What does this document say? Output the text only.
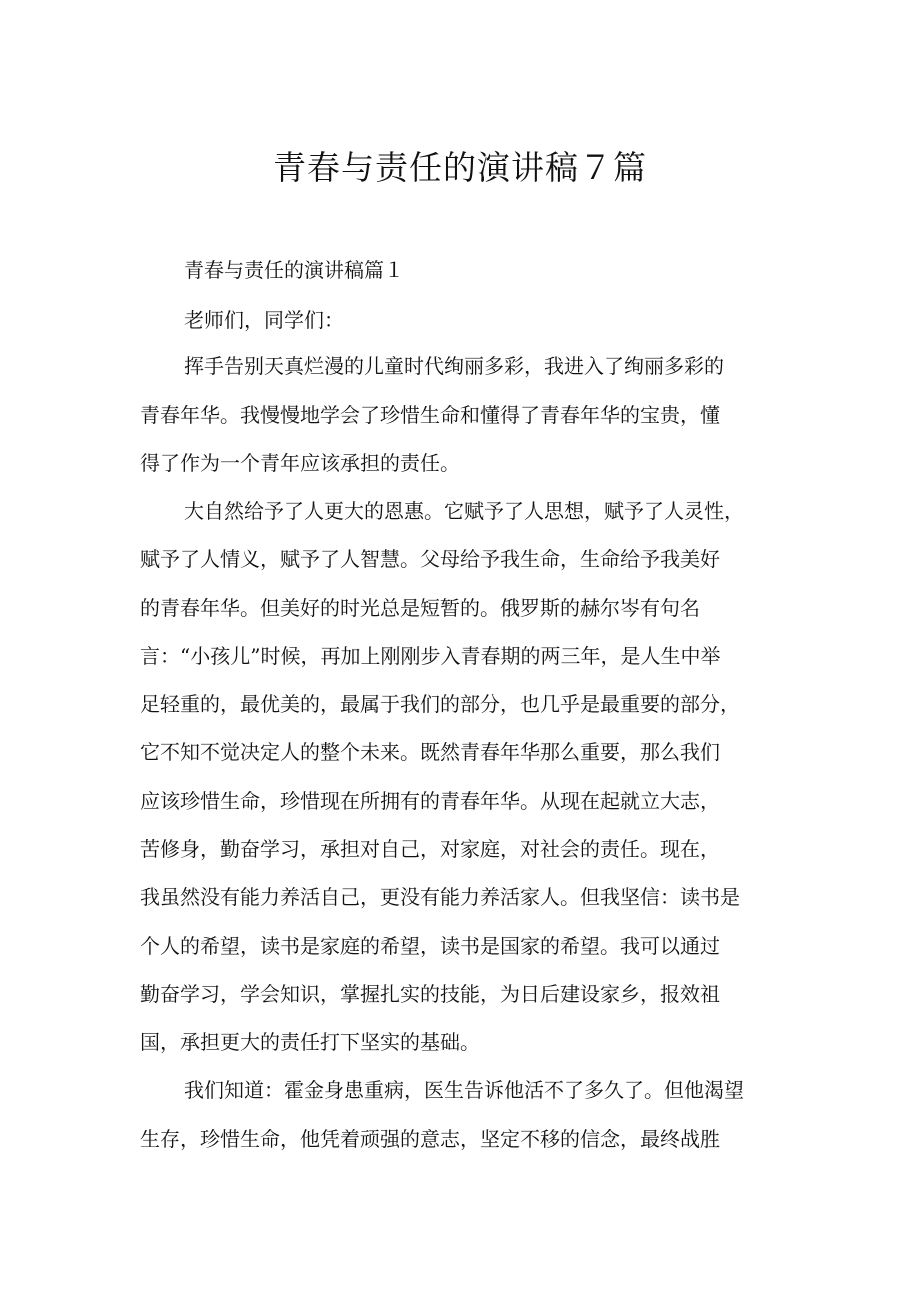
青春与责任的演讲稿７篇

青春与责任的演讲稿篇１

老师们，同学们：

挥手告别天真烂漫的儿童时代绚丽多彩，我进入了绚丽多彩的

青春年华。我慢慢地学会了珍惜生命和懂得了青春年华的宝贵，懂

得了作为一个青年应该承担的责任。

大自然给予了人更大的恩惠。它赋予了人思想，赋予了人灵性，

赋予了人情义，赋予了人智慧。父母给予我生命，生命给予我美好

的青春年华。但美好的时光总是短暂的。俄罗斯的赫尔岑有句名

言：“小孩儿”时候，再加上刚刚步入青春期的两三年，是人生中举

足轻重的，最优美的，最属于我们的部分，也几乎是最重要的部分，

它不知不觉决定人的整个未来。既然青春年华那么重要，那么我们

应该珍惜生命，珍惜现在所拥有的青春年华。从现在起就立大志，

苦修身，勤奋学习，承担对自己，对家庭，对社会的责任。现在，

我虽然没有能力养活自己，更没有能力养活家人。但我坚信：读书是

个人的希望，读书是家庭的希望，读书是国家的希望。我可以通过

勤奋学习，学会知识，掌握扎实的技能，为日后建设家乡，报效祖

国，承担更大的责任打下坚实的基础。

我们知道：霍金身患重病，医生告诉他活不了多久了。但他渴望

生存，珍惜生命，他凭着顽强的意志，坚定不移的信念，最终战胜
